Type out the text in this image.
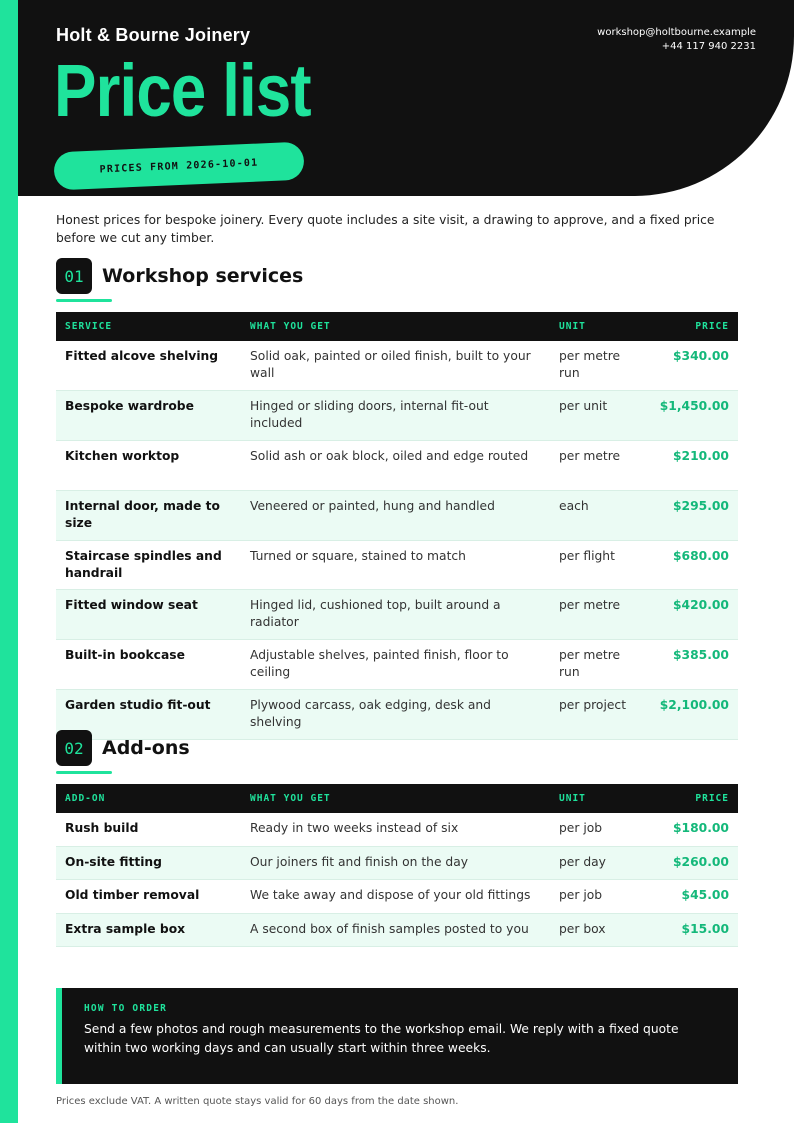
Holt & Bourne Joinery	workshop@holtbourne.example
+44 117 940 2231
Price list
PRICES FROM 2026-10-01

Honest prices for bespoke joinery. Every quote includes a site visit, a drawing to approve, and a fixed price before we cut any timber.

01 Workshop services
SERVICE	WHAT YOU GET	UNIT	PRICE
Fitted alcove shelving	Solid oak, painted or oiled finish, built to your wall	per metre run	$340.00
Bespoke wardrobe	Hinged or sliding doors, internal fit-out included	per unit	$1,450.00
Kitchen worktop	Solid ash or oak block, oiled and edge routed	per metre	$210.00
Internal door, made to size	Veneered or painted, hung and handled	each	$295.00
Staircase spindles and handrail	Turned or square, stained to match	per flight	$680.00
Fitted window seat	Hinged lid, cushioned top, built around a radiator	per metre	$420.00
Built-in bookcase	Adjustable shelves, painted finish, floor to ceiling	per metre run	$385.00
Garden studio fit-out	Plywood carcass, oak edging, desk and shelving	per project	$2,100.00
02 Add-ons
ADD-ON	WHAT YOU GET	UNIT	PRICE
Rush build	Ready in two weeks instead of six	per job	$180.00
On-site fitting	Our joiners fit and finish on the day	per day	$260.00
Old timber removal	We take away and dispose of your old fittings	per job	$45.00
Extra sample box	A second box of finish samples posted to you	per box	$15.00
HOW TO ORDER

Send a few photos and rough measurements to the workshop email. We reply with a fixed quote within two working days and can usually start within three weeks.

Prices exclude VAT. A written quote stays valid for 60 days from the date shown.
